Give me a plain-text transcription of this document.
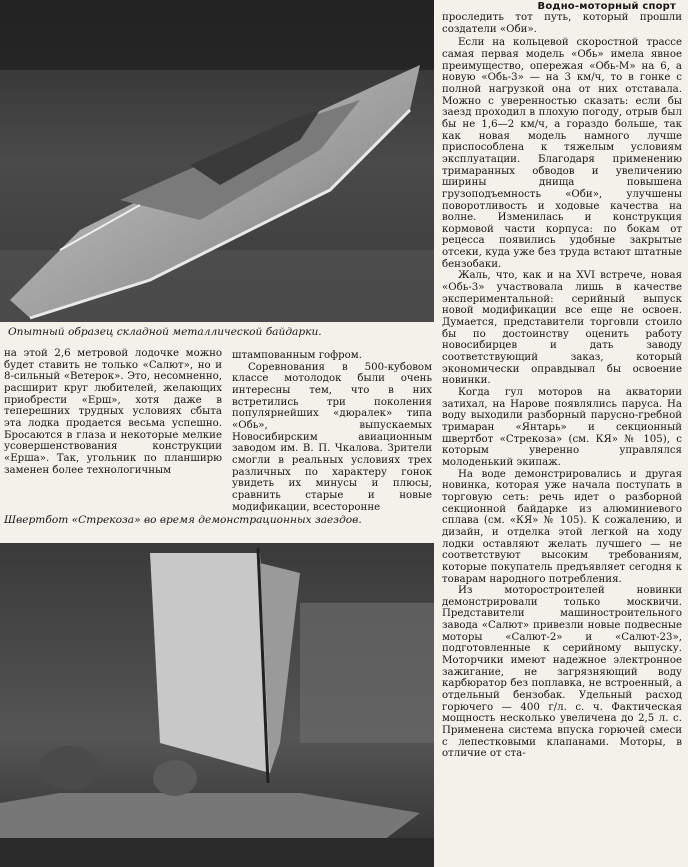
Водно-моторный спорт
Опытный образец складной металлической байдарки.

на этой 2,6 метровой лодочке можно будет ставить не только «Салют», но и 8-сильный «Ветерок». Это, несомненно, расширит круг любителей, желающих приобрести «Ерш», хотя даже в теперешних трудных условиях сбыта эта лодка продается весьма успешно. Бросаются в глаза и некоторые мелкие усовершенствования конструкции «Ерша». Так, угольник по планширю заменен более технологичным

штампованным гофром.

Соревнования в 500-кубовом классе мотолодок были очень интересны тем, что в них встретились три поколения популярнейших «дюралек» типа «Обь», выпускаемых Новосибирским авиационным заводом им. В. П. Чкалова. Зрители смогли в реальных условиях трех различных по характеру гонок увидеть их минусы и плюсы, сравнить старые и новые модификации, всесторонне

Швертбот «Стрекоза» во время демонстрационных заездов.

проследить тот путь, который прошли создатели «Оби».

Если на кольцевой скоростной трассе самая первая модель «Обь» имела явное преимущество, опережая «Обь-М» на 6, а новую «Обь-3» — на 3 км/ч, то в гонке с полной нагрузкой она от них отставала. Можно с уверенностью сказать: если бы заезд проходил в плохую погоду, отрыв был бы не 1,6—2 км/ч, а гораздо больше, так как новая модель намного лучше приспособлена к тяжелым условиям эксплуатации. Благодаря применению тримаранных обводов и увеличению ширины днища повышена грузоподъемность «Оби», улучшены поворотливость и ходовые качества на волне. Изменилась и конструкция кормовой части корпуса: по бокам от рецесса появились удобные закрытые отсеки, куда уже без труда встают штатные бензобаки.

Жаль, что, как и на XVI встрече, новая «Обь-3» участвовала лишь в качестве экспериментальной: серийный выпуск новой модификации все еще не освоен. Думается, представители торговли стоило бы по достоинству оценить работу новосибирцев и дать заводу соответствующий заказ, который экономически оправдывал бы освоение новинки.

Когда гул моторов на акватории затихал, на Нарове появлялись паруса. На воду выходили разборный парусно-гребной тримаран «Янтарь» и секционный швертбот «Стрекоза» (см. КЯ» № 105), с которым уверенно управлялся молоденький экипаж.

На воде демонстрировались и другая новинка, которая уже начала поступать в торговую сеть: речь идет о разборной секционной байдарке из алюминиевого сплава (см. «КЯ» № 105). К сожалению, и дизайн, и отделка этой легкой на ходу лодки оставляют желать лучшего — не соответствуют высоким требованиям, которые покупатель предъявляет сегодня к товарам народного потребления.

Из моторостроителей новинки демонстрировали только москвичи. Представители машиностроительного завода «Салют» привезли новые подвесные моторы «Салют-2» и «Салют-23», подготовленные к серийному выпуску. Моторчики имеют надежное электронное зажигание, не загрязняющий воду карбюратор без поплавка, не встроенный, а отдельный бензобак. Удельный расход горючего — 400 г/л. с. ч. Фактическая мощность несколько увеличена до 2,5 л. с. Применена система впуска горючей смеси с лепестковыми клапанами. Моторы, в отличие от ста-
